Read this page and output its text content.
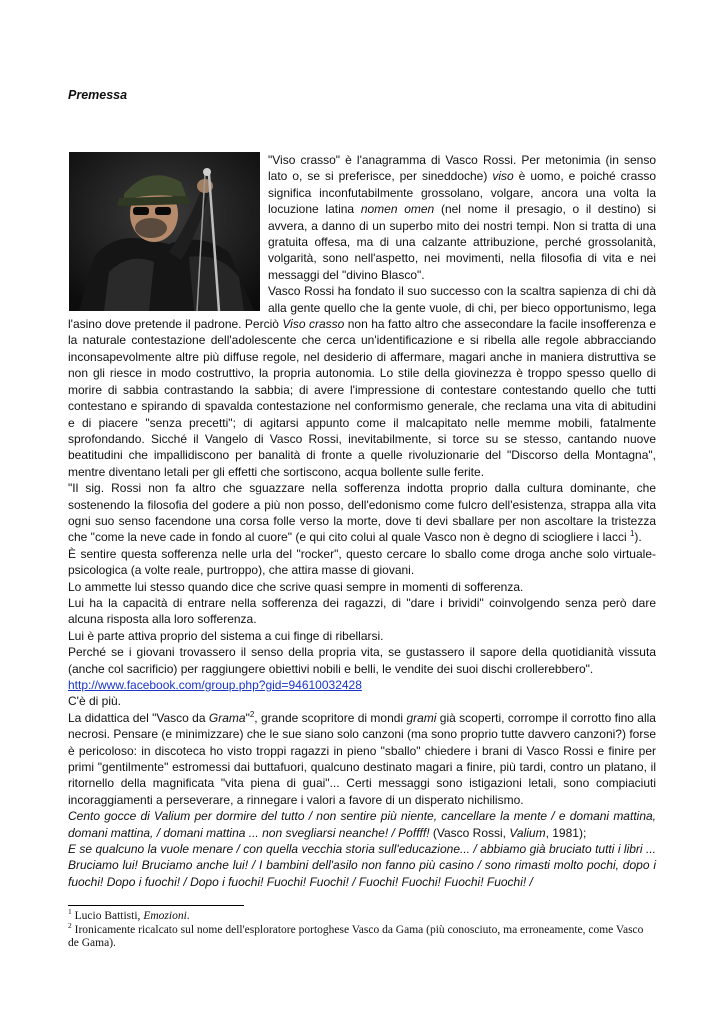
Premessa

"Viso crasso" è l'anagramma di Vasco Rossi. Per metonimia (in senso lato o, se si preferisce, per sineddoche) viso è uomo, e poiché crasso significa inconfutabilmente grossolano, volgare, ancora una volta la locuzione latina nomen omen (nel nome il presagio, o il destino) si avvera, a danno di un superbo mito dei nostri tempi. Non si tratta di una gratuita offesa, ma di una calzante attribuzione, perché grossolanità, volgarità, sono nell'aspetto, nei movimenti, nella filosofia di vita e nei messaggi del "divino Blasco".

Vasco Rossi ha fondato il suo successo con la scaltra sapienza di chi dà alla gente quello che la gente vuole, di chi, per bieco opportunismo, lega l'asino dove pretende il padrone. Perciò Viso crasso non ha fatto altro che assecondare la facile insofferenza e la naturale contestazione dell'adolescente che cerca un'identificazione e si ribella alle regole abbracciando inconsapevolmente altre più diffuse regole, nel desiderio di affermare, magari anche in maniera distruttiva se non gli riesce in modo costruttivo, la propria autonomia. Lo stile della giovinezza è troppo spesso quello di morire di sabbia contrastando la sabbia; di avere l'impressione di contestare contestando quello che tutti contestano e spirando di spavalda contestazione nel conformismo generale, che reclama una vita di abitudini e di piacere "senza precetti"; di agitarsi appunto come il malcapitato nelle memme mobili, fatalmente sprofondando. Sicché il Vangelo di Vasco Rossi, inevitabilmente, si torce su se stesso, cantando nuove beatitudini che impallidiscono per banalità di fronte a quelle rivoluzionarie del "Discorso della Montagna", mentre diventano letali per gli effetti che sortiscono, acqua bollente sulle ferite.

"Il sig. Rossi non fa altro che sguazzare nella sofferenza indotta proprio dalla cultura dominante, che sostenendo la filosofia del godere a più non posso, dell'edonismo come fulcro dell'esistenza, strappa alla vita ogni suo senso facendone una corsa folle verso la morte, dove ti devi sballare per non ascoltare la tristezza che "come la neve cade in fondo al cuore" (e qui cito colui al quale Vasco non è degno di sciogliere i lacci $^1$).

È sentire questa sofferenza nelle urla del "rocker", questo cercare lo sballo come droga anche solo virtuale-psicologica (a volte reale, purtroppo), che attira masse di giovani.

Lo ammette lui stesso quando dice che scrive quasi sempre in momenti di sofferenza.

Lui ha la capacità di entrare nella sofferenza dei ragazzi, di "dare i brividi" coinvolgendo senza però dare alcuna risposta alla loro sofferenza.

Lui è parte attiva proprio del sistema a cui finge di ribellarsi.

Perché se i giovani trovassero il senso della propria vita, se gustassero il sapore della quotidianità vissuta (anche col sacrificio) per raggiungere obiettivi nobili e belli, le vendite dei suoi dischi crollerebbero".

http://www.facebook.com/group.php?gid=94610032428

C'è di più.

La didattica del "Vasco da Grama"$^2$, grande scopritore di mondi grami già scoperti, corrompe il corrotto fino alla necrosi. Pensare (e minimizzare) che le sue siano solo canzoni (ma sono proprio tutte davvero canzoni?) forse è pericoloso: in discoteca ho visto troppi ragazzi in pieno "sballo" chiedere i brani di Vasco Rossi e finire per primi "gentilmente" estromessi dai buttafuori, qualcuno destinato magari a finire, più tardi, contro un platano, il ritornello della magnificata "vita piena di guai"... Certi messaggi sono istigazioni letali, sono compiaciuti incoraggiamenti a perseverare, a rinnegare i valori a favore di un disperato nichilismo.

Cento gocce di Valium per dormire del tutto / non sentire più niente, cancellare la mente / e domani mattina, domani mattina, / domani mattina ... non svegliarsi neanche! / Poffff! (Vasco Rossi, Valium, 1981);

E se qualcuno la vuole menare / con quella vecchia storia sull'educazione... / abbiamo già bruciato tutti i libri ... Bruciamo lui! Bruciamo anche lui! / I bambini dell'asilo non fanno più casino / sono rimasti molto pochi, dopo i fuochi! Dopo i fuochi! / Dopo i fuochi! Fuochi! Fuochi! / Fuochi! Fuochi! Fuochi! Fuochi! /

$^1$ Lucio Battisti, Emozioni.

$^2$ Ironicamente ricalcato sul nome dell'esploratore portoghese Vasco da Gama (più conosciuto, ma erroneamente, come Vasco de Gama).
